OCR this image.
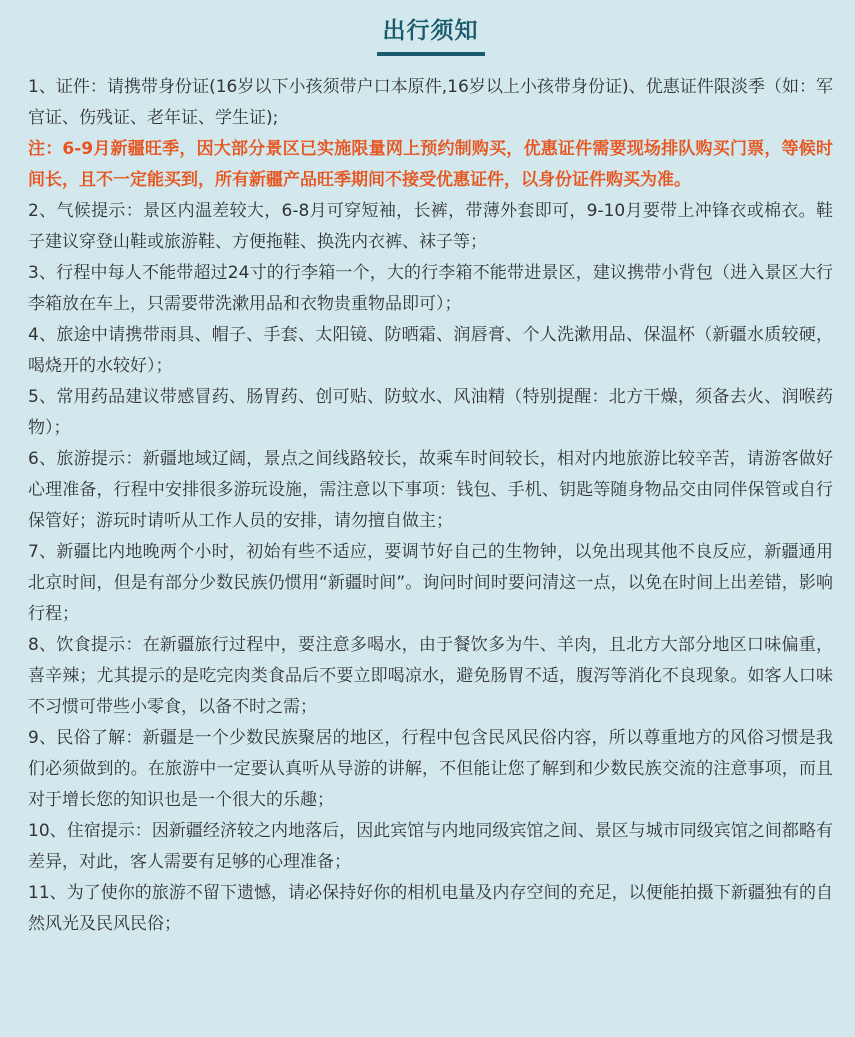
出行须知

1、证件：请携带身份证(16岁以下小孩须带户口本原件,16岁以上小孩带身份证)、优惠证件限淡季（如：军官证、伤残证、老年证、学生证);

注：6-9月新疆旺季，因大部分景区已实施限量网上预约制购买，优惠证件需要现场排队购买门票，等候时间长，且不一定能买到，所有新疆产品旺季期间不接受优惠证件，以身份证件购买为准。

2、气候提示：景区内温差较大，6-8月可穿短袖，长裤，带薄外套即可，9-10月要带上冲锋衣或棉衣。鞋子建议穿登山鞋或旅游鞋、方便拖鞋、换洗内衣裤、袜子等；

3、行程中每人不能带超过24寸的行李箱一个，大的行李箱不能带进景区，建议携带小背包（进入景区大行李箱放在车上，只需要带洗漱用品和衣物贵重物品即可）；

4、旅途中请携带雨具、帽子、手套、太阳镜、防晒霜、润唇膏、个人洗漱用品、保温杯（新疆水质较硬，喝烧开的水较好）；

5、常用药品建议带感冒药、肠胃药、创可贴、防蚊水、风油精（特别提醒：北方干燥，须备去火、润喉药物）；

6、旅游提示：新疆地域辽阔，景点之间线路较长，故乘车时间较长，相对内地旅游比较辛苦，请游客做好心理准备，行程中安排很多游玩设施，需注意以下事项：钱包、手机、钥匙等随身物品交由同伴保管或自行保管好；游玩时请听从工作人员的安排，请勿擅自做主；

7、新疆比内地晚两个小时，初始有些不适应，要调节好自己的生物钟，以免出现其他不良反应，新疆通用北京时间，但是有部分少数民族仍惯用“新疆时间”。询问时间时要问清这一点，以免在时间上出差错，影响行程；

8、饮食提示：在新疆旅行过程中，要注意多喝水，由于餐饮多为牛、羊肉，且北方大部分地区口味偏重，喜辛辣；尤其提示的是吃完肉类食品后不要立即喝凉水，避免肠胃不适，腹泻等消化不良现象。如客人口味不习惯可带些小零食，以备不时之需；

9、民俗了解：新疆是一个少数民族聚居的地区，行程中包含民风民俗内容，所以尊重地方的风俗习惯是我们必须做到的。在旅游中一定要认真听从导游的讲解，不但能让您了解到和少数民族交流的注意事项，而且对于增长您的知识也是一个很大的乐趣；

10、住宿提示：因新疆经济较之内地落后，因此宾馆与内地同级宾馆之间、景区与城市同级宾馆之间都略有差异，对此，客人需要有足够的心理准备；

11、为了使你的旅游不留下遗憾，请必保持好你的相机电量及内存空间的充足，以便能拍摄下新疆独有的自然风光及民风民俗；
